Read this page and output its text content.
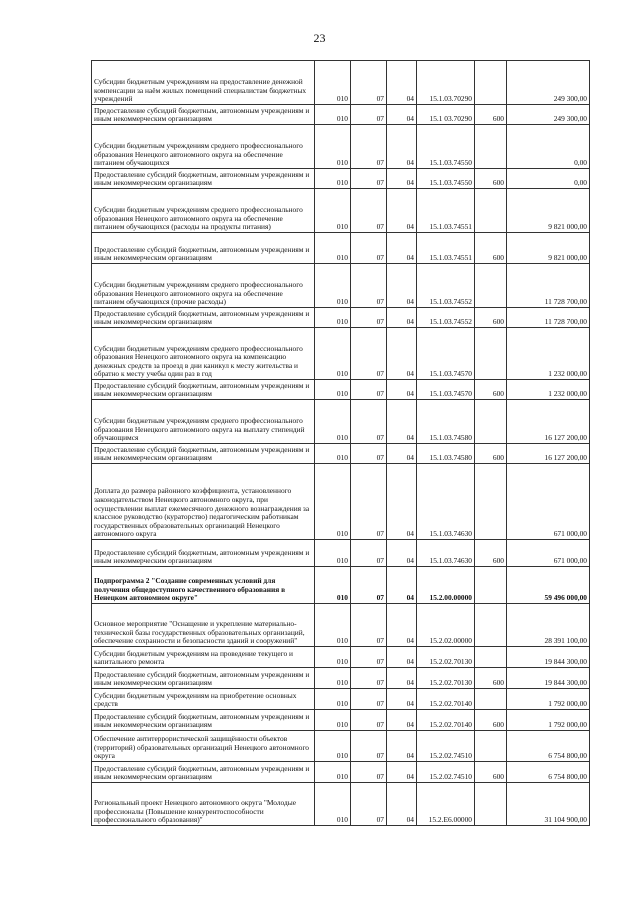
23
Субсидии бюджетным учреждениям на предоставление денежной компенсации за наём жилых помещений специалистам бюджетных учреждений	010	07	04	15.1.03.70290		249 300,00
Предоставление субсидий бюджетным, автономным учреждениям и иным некоммерческим организациям	010	07	04	15.1 03.70290	600	249 300,00
Субсидии бюджетным учреждениям среднего профессионального образования Ненецкого автономного округа на обеспечение питанием обучающихся	010	07	04	15.1.03.74550		0,00
Предоставление субсидий бюджетным, автономным учреждениям и иным некоммерческим организациям	010	07	04	15.1.03.74550	600	0,00
Субсидии бюджетным учреждениям среднего профессионального образования Ненецкого автономного округа на обеспечение питанием обучающихся (расходы на продукты питания)	010	07	04	15.1.03.74551		9 821 000,00
Предоставление субсидий бюджетным, автономным учреждениям и иным некоммерческим организациям	010	07	04	15.1.03.74551	600	9 821 000,00
Субсидии бюджетным учреждениям среднего профессионального образования Ненецкого автономного округа на обеспечение питанием обучающихся (прочие расходы)	010	07	04	15.1.03.74552		11 728 700,00
Предоставление субсидий бюджетным, автономным учреждениям и иным некоммерческим организациям	010	07	04	15.1.03.74552	600	11 728 700,00
Субсидии бюджетным учреждениям среднего профессионального образования Ненецкого автономного округа на компенсацию денежных средств за проезд в дни каникул к месту жительства и обратно к месту учебы один раз в год	010	07	04	15.1.03.74570		1 232 000,00
Предоставление субсидий бюджетным, автономным учреждениям и иным некоммерческим организациям	010	07	04	15.1.03.74570	600	1 232 000,00
Субсидии бюджетным учреждениям среднего профессионального образования Ненецкого автономного округа на выплату стипендий обучающимся	010	07	04	15.1.03.74580		16 127 200,00
Предоставление субсидий бюджетным, автономным учреждениям и иным некоммерческим организациям	010	07	04	15.1.03.74580	600	16 127 200,00
Доплата до размера районного коэффициента, установленного законодательством Ненецкого автономного округа, при осуществлении выплат ежемесячного денежного вознаграждения за классное руководство (кураторство) педагогическим работникам государственных образовательных организаций Ненецкого автономного округа	010	07	04	15.1.03.74630		671 000,00
Предоставление субсидий бюджетным, автономным учреждениям и иным некоммерческим организациям	010	07	04	15.1.03.74630	600	671 000,00
Подпрограмма 2 "Создание современных условий для получения общедоступного качественного образования в Ненецком автономном округе"	010	07	04	15.2.00.00000		59 496 000,00
Основное мероприятие "Оснащение и укрепление материально-технической базы государственных образовательных организаций, обеспечение сохранности и безопасности зданий и сооружений"	010	07	04	15.2.02.00000		28 391 100,00
Субсидии бюджетным учреждениям на проведение текущего и капитального ремонта	010	07	04	15.2.02.70130		19 844 300,00
Предоставление субсидий бюджетным, автономным учреждениям и иным некоммерческим организациям	010	07	04	15.2.02.70130	600	19 844 300,00
Субсидии бюджетным учреждениям на приобретение основных средств	010	07	04	15.2.02.70140		1 792 000,00
Предоставление субсидий бюджетным, автономным учреждениям и иным некоммерческим организациям	010	07	04	15.2.02.70140	600	1 792 000,00
Обеспечение антитеррористической защищённости объектов (территорий) образовательных организаций Ненецкого автономного округа	010	07	04	15.2.02.74510		6 754 800,00
Предоставление субсидий бюджетным, автономным учреждениям и иным некоммерческим организациям	010	07	04	15.2.02.74510	600	6 754 800,00
Региональный проект Ненецкого автономного округа "Молодые профессионалы (Повышение конкурентоспособности профессионального образования)"	010	07	04	15.2.E6.00000		31 104 900,00
